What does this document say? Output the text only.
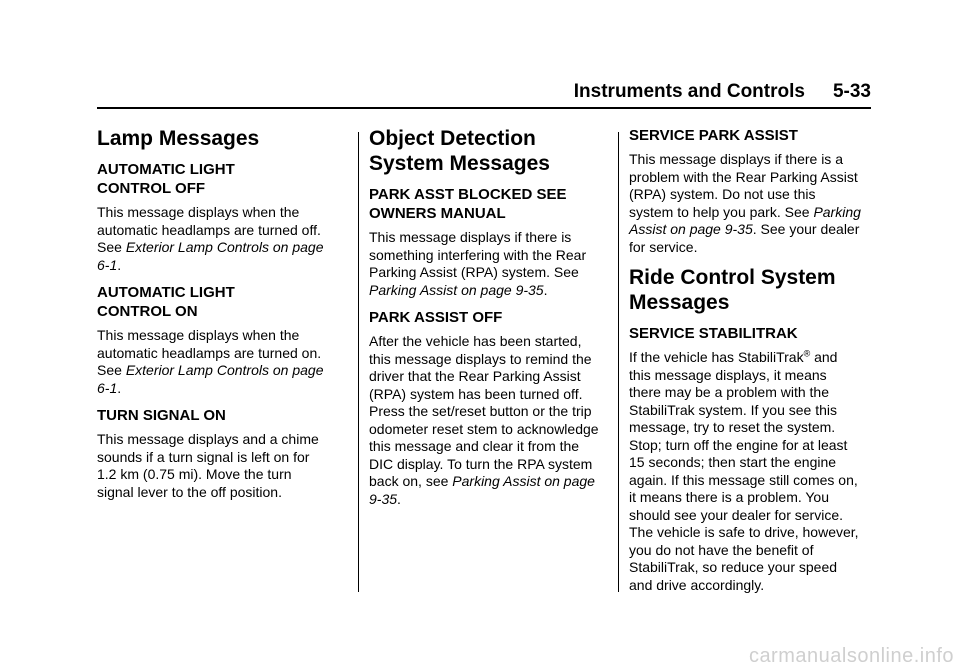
Instruments and Controls 5-33
Lamp Messages
AUTOMATIC LIGHT CONTROL OFF

This message displays when the automatic headlamps are turned off. See Exterior Lamp Controls on page 6-1.

AUTOMATIC LIGHT CONTROL ON

This message displays when the automatic headlamps are turned on. See Exterior Lamp Controls on page 6-1.

TURN SIGNAL ON

This message displays and a chime sounds if a turn signal is left on for 1.2 km (0.75 mi). Move the turn signal lever to the off position.

Object Detection System Messages
PARK ASST BLOCKED SEE OWNERS MANUAL

This message displays if there is something interfering with the Rear Parking Assist (RPA) system. See Parking Assist on page 9-35.

PARK ASSIST OFF

After the vehicle has been started, this message displays to remind the driver that the Rear Parking Assist (RPA) system has been turned off. Press the set/reset button or the trip odometer reset stem to acknowledge this message and clear it from the DIC display. To turn the RPA system back on, see Parking Assist on page 9-35.

SERVICE PARK ASSIST

This message displays if there is a problem with the Rear Parking Assist (RPA) system. Do not use this system to help you park. See Parking Assist on page 9-35. See your dealer for service.

Ride Control System Messages
SERVICE STABILITRAK

If the vehicle has StabiliTrak® and this message displays, it means there may be a problem with the StabiliTrak system. If you see this message, try to reset the system. Stop; turn off the engine for at least 15 seconds; then start the engine again. If this message still comes on, it means there is a problem. You should see your dealer for service. The vehicle is safe to drive, however, you do not have the benefit of StabiliTrak, so reduce your speed and drive accordingly.

carmanualsonline.info
